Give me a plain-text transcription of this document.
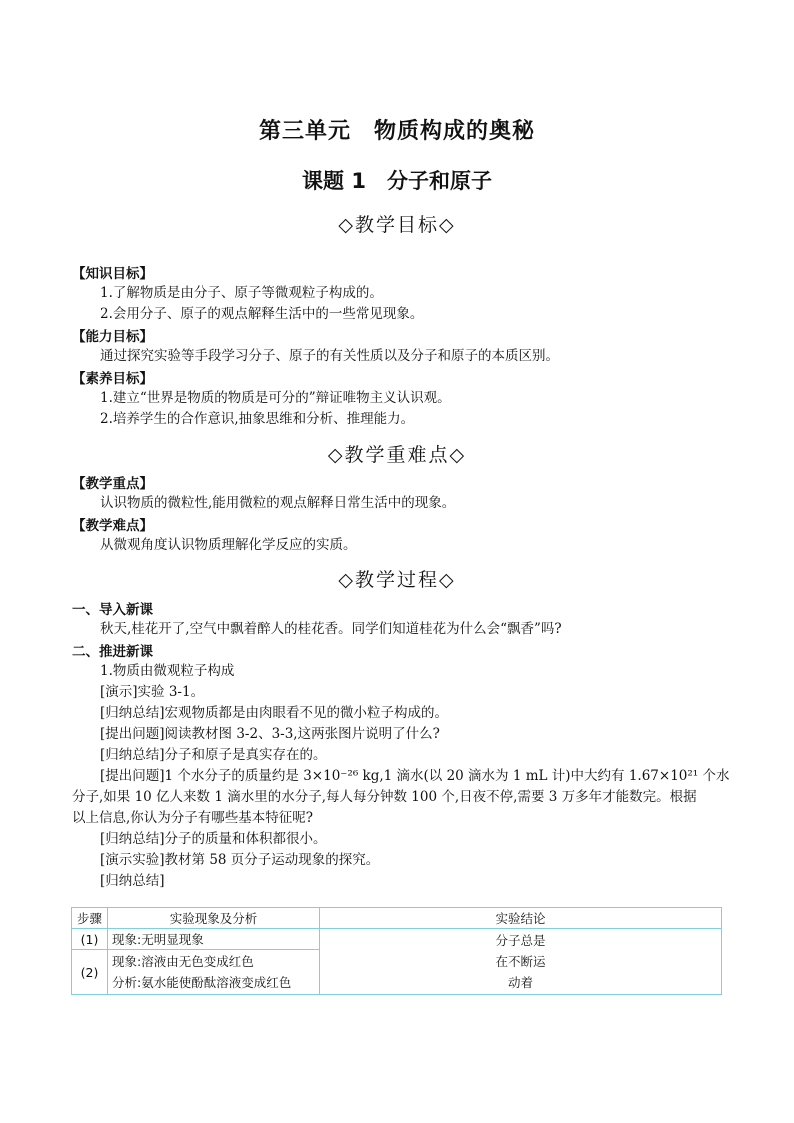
第三单元　物质构成的奥秘
课题 1　分子和原子
◇教学目标◇
【知识目标】
1.了解物质是由分子、原子等微观粒子构成的。
2.会用分子、原子的观点解释生活中的一些常见现象。
【能力目标】
通过探究实验等手段学习分子、原子的有关性质以及分子和原子的本质区别。
【素养目标】
1.建立“世界是物质的物质是可分的”辩证唯物主义认识观。
2.培养学生的合作意识,抽象思维和分析、推理能力。
◇教学重难点◇
【教学重点】
认识物质的微粒性,能用微粒的观点解释日常生活中的现象。
【教学难点】
从微观角度认识物质理解化学反应的实质。
◇教学过程◇
一、导入新课
秋天,桂花开了,空气中飘着醉人的桂花香。同学们知道桂花为什么会“飘香”吗?
二、推进新课
1.物质由微观粒子构成
[演示]实验 3-1。
[归纳总结]宏观物质都是由肉眼看不见的微小粒子构成的。
[提出问题]阅读教材图 3-2、3-3,这两张图片说明了什么?
[归纳总结]分子和原子是真实存在的。
[提出问题]1 个水分子的质量约是 3×10⁻²⁶ kg,1 滴水(以 20 滴水为 1 mL 计)中大约有 1.67×10²¹ 个水
分子,如果 10 亿人来数 1 滴水里的水分子,每人每分钟数 100 个,日夜不停,需要 3 万多年才能数完。根据
以上信息,你认为分子有哪些基本特征呢?
[归纳总结]分子的质量和体积都很小。
[演示实验]教材第 58 页分子运动现象的探究。
[归纳总结]
步骤	实验现象及分析	实验结论
(1)	现象:无明显现象	分子总是
在不断运
动着

(2)	现象:溶液由无色变成红色
分析:氨水能使酚酞溶液变成红色	
